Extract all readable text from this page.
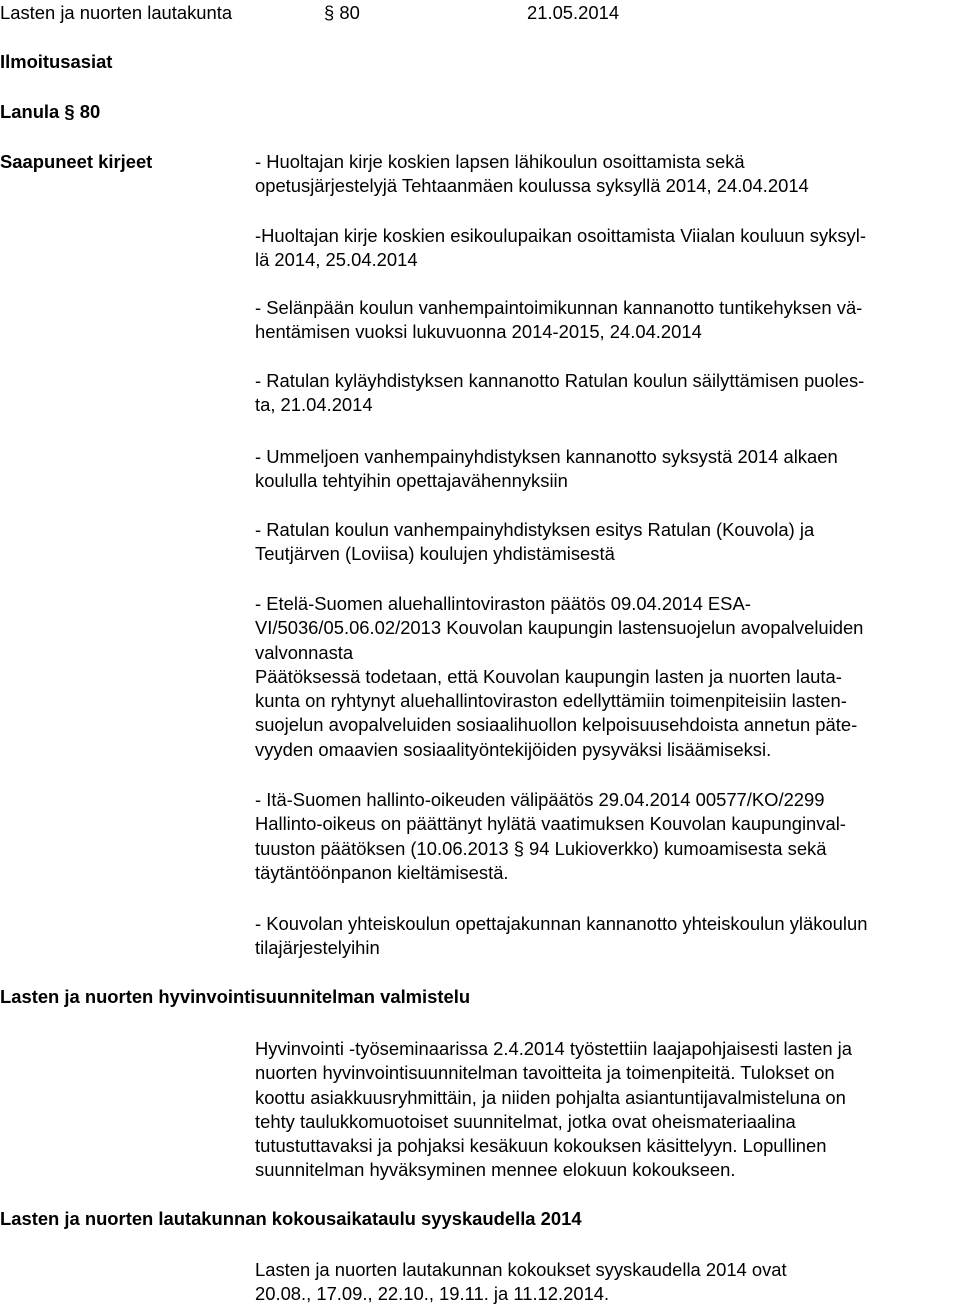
Lasten ja nuorten lautakunta	§ 80	21.05.2014
Ilmoitusasiat
Lanula § 80
Saapuneet kirjeet	- Huoltajan kirje koskien lapsen lähikoulun osoittamista sekä
opetusjärjestelyjä Tehtaanmäen koulussa syksyllä 2014, 24.04.2014
-Huoltajan kirje koskien esikoulupaikan osoittamista Viialan kouluun syksyl-
lä 2014, 25.04.2014
- Selänpään koulun vanhempaintoimikunnan kannanotto tuntikehyksen vä-
hentämisen vuoksi lukuvuonna 2014-2015, 24.04.2014
- Ratulan kyläyhdistyksen kannanotto Ratulan koulun säilyttämisen puoles-
ta, 21.04.2014
- Ummeljoen vanhempainyhdistyksen kannanotto syksystä 2014 alkaen
koululla tehtyihin opettajavähennyksiin
- Ratulan koulun vanhempainyhdistyksen esitys Ratulan (Kouvola) ja
Teutjärven (Loviisa) koulujen yhdistämisestä
- Etelä-Suomen aluehallintoviraston päätös 09.04.2014 ESA-
VI/5036/05.06.02/2013 Kouvolan kaupungin lastensuojelun avopalveluiden
valvonnasta
Päätöksessä todetaan, että Kouvolan kaupungin lasten ja nuorten lauta-
kunta on ryhtynyt aluehallintoviraston edellyttämiin toimenpiteisiin lasten-
suojelun avopalveluiden sosiaalihuollon kelpoisuusehdoista annetun päte-
vyyden omaavien sosiaalityöntekijöiden pysyväksi lisäämiseksi.
- Itä-Suomen hallinto-oikeuden välipäätös 29.04.2014 00577/KO/2299
Hallinto-oikeus on päättänyt hylätä vaatimuksen Kouvolan kaupunginval-
tuuston päätöksen (10.06.2013 § 94 Lukioverkko) kumoamisesta sekä
täytäntöönpanon kieltämisestä.
- Kouvolan yhteiskoulun opettajakunnan kannanotto yhteiskoulun yläkoulun
tilajärjestelyihin
Lasten ja nuorten hyvinvointisuunnitelman valmistelu
Hyvinvointi -työseminaarissa 2.4.2014 työstettiin laajapohjaisesti lasten ja
nuorten hyvinvointisuunnitelman tavoitteita ja toimenpiteitä. Tulokset on
koottu asiakkuusryhmittäin, ja niiden pohjalta asiantuntijavalmisteluna on
tehty taulukkomuotoiset suunnitelmat, jotka ovat oheismateriaalina
tutustuttavaksi ja pohjaksi kesäkuun kokouksen käsittelyyn. Lopullinen
suunnitelman hyväksyminen mennee elokuun kokoukseen.
Lasten ja nuorten lautakunnan kokousaikataulu syyskaudella 2014
Lasten ja nuorten lautakunnan kokoukset syyskaudella 2014 ovat
20.08., 17.09., 22.10., 19.11. ja 11.12.2014.
